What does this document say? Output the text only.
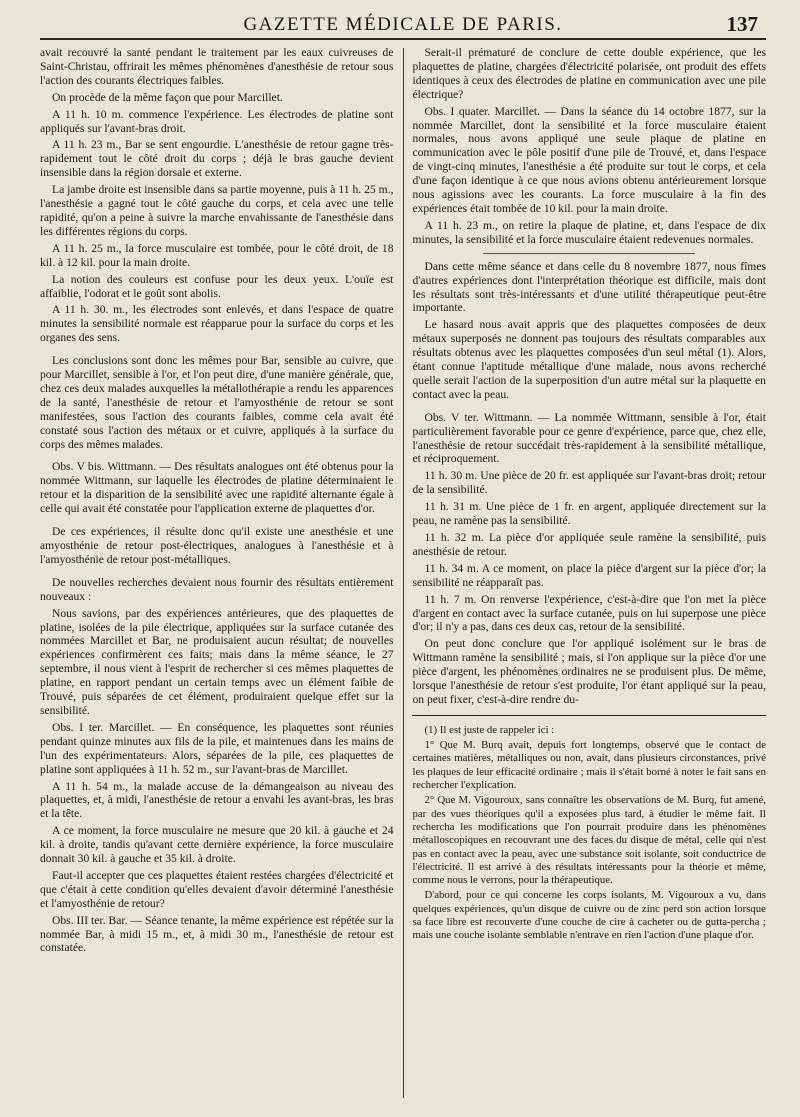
GAZETTE MÉDICALE DE PARIS.	137

avait recouvré la santé pendant le traitement par les eaux cuivreuses de Saint-Christau, offrirait les mêmes phénomènes d'anesthésie de retour sous l'action des courants électriques faibles.

On procède de la même façon que pour Marcillet.

A 11 h. 10 m. commence l'expérience. Les électrodes de platine sont appliqués sur l'avant-bras droit.

A 11 h. 23 m., Bar se sent engourdie. L'anesthésie de retour gagne très-rapidement tout le côté droit du corps ; déjà le bras gauche devient insensible dans la région dorsale et externe.

La jambe droite est insensible dans sa partie moyenne, puis à 11 h. 25 m., l'anesthésie a gagné tout le côté gauche du corps, et cela avec une telle rapidité, qu'on a peine à suivre la marche envahissante de l'anesthésie dans les différentes régions du corps.

A 11 h. 25 m., la force musculaire est tombée, pour le côté droit, de 18 kil. à 12 kil. pour la main droite.

La notion des couleurs est confuse pour les deux yeux. L'ouïe est affaiblie, l'odorat et le goût sont abolis.

A 11 h. 30. m., les électrodes sont enlevés, et dans l'espace de quatre minutes la sensibilité normale est réapparue pour la surface du corps et les organes des sens.

Les conclusions sont donc les mêmes pour Bar, sensible au cuivre, que pour Marcillet, sensible à l'or, et l'on peut dire, d'une manière générale, que, chez ces deux malades auxquelles la métallothérapie a rendu les apparences de la santé, l'anesthésie de retour et l'amyosthénie de retour se sont manifestées, sous l'action des courants faibles, comme cela avait été constaté sous l'action des métaux or et cuivre, appliqués à la surface du corps des mêmes malades.

Obs. V bis. Wittmann. — Des résultats analogues ont été obtenus pour la nommée Wittmann, sur laquelle les électrodes de platine déterminaient le retour et la disparition de la sensibilité avec une rapidité alternante égale à celle qui avait été constatée pour l'application externe de plaquettes d'or.

De ces expériences, il résulte donc qu'il existe une anesthésie et une amyosthénie de retour post-électriques, analogues à l'anesthésie et à l'amyosthénie de retour post-métalliques.

De nouvelles recherches devaient nous fournir des résultats entièrement nouveaux :

Nous savions, par des expériences antérieures, que des plaquettes de platine, isolées de la pile électrique, appliquées sur la surface cutanée des nommées Marcillet et Bar, ne produisaient aucun résultat; de nouvelles expériences confirmèrent ces faits; mais dans la même séance, le 27 septembre, il nous vient à l'esprit de rechercher si ces mêmes plaquettes de platine, en rapport pendant un certain temps avec un élément faible de Trouvé, puis séparées de cet élément, produiraient quelque effet sur la sensibilité.

Obs. I ter. Marcillet. — En conséquence, les plaquettes sont réunies pendant quinze minutes aux fils de la pile, et maintenues dans les mains de l'un des expérimentateurs. Alors, séparées de la pile, ces plaquettes de platine sont appliquées à 11 h. 52 m., sur l'avant-bras de Marcillet.

A 11 h. 54 m., la malade accuse de la démangeaison au niveau des plaquettes, et, à midi, l'anesthésie de retour a envahi les avant-bras, les bras et la tête.

A ce moment, la force musculaire ne mesure que 20 kil. à gauche et 24 kil. à droite, tandis qu'avant cette dernière expérience, la force musculaire donnait 30 kil. à gauche et 35 kil. à droite.

Faut-il accepter que ces plaquettes étaient restées chargées d'électricité et que c'était à cette condition qu'elles devaient d'avoir déterminé l'anesthésie et l'amyosthénie de retour?

Obs. III ter. Bar. — Séance tenante, la même expérience est répétée sur la nommée Bar, à midi 15 m., et, à midi 30 m., l'anesthésie de retour est constatée.

Serait-il prématuré de conclure de cette double expérience, que les plaquettes de platine, chargées d'électricité polarisée, ont produit des effets identiques à ceux des électrodes de platine en communication avec une pile électrique?

Obs. I quater. Marcillet. — Dans la séance du 14 octobre 1877, sur la nommée Marcillet, dont la sensibilité et la force musculaire étaient normales, nous avons appliqué une seule plaque de platine en communication avec le pôle positif d'une pile de Trouvé, et, dans l'espace de vingt-cinq minutes, l'anesthésie a été produite sur tout le corps, et cela d'une façon identique à ce que nous avions obtenu antérieurement lorsque nous agissions avec les courants. La force musculaire à la fin des expériences était tombée de 10 kil. pour la main droite.

A 11 h. 23 m., on retire la plaque de platine, et, dans l'espace de dix minutes, la sensibilité et la force musculaire étaient redevenues normales.

Dans cette même séance et dans celle du 8 novembre 1877, nous fîmes d'autres expériences dont l'interprétation théorique est difficile, mais dont les résultats sont très-intéressants et d'une utilité thérapeutique peut-être importante.

Le hasard nous avait appris que des plaquettes composées de deux métaux superposés ne donnent pas toujours des résultats comparables aux résultats obtenus avec les plaquettes composées d'un seul métal (1). Alors, étant connue l'aptitude métallique d'une malade, nous avons recherché quelle serait l'action de la superposition d'un autre métal sur la plaquette en contact avec la peau.

Obs. V ter. Wittmann. — La nommée Wittmann, sensible à l'or, était particulièrement favorable pour ce genre d'expérience, parce que, chez elle, l'anesthésie de retour succédait très-rapidement à la sensibilité métallique, et réciproquement.

11 h. 30 m. Une pièce de 20 fr. est appliquée sur l'avant-bras droit; retour de la sensibilité.

11 h. 31 m. Une pièce de 1 fr. en argent, appliquée directement sur la peau, ne ramène pas la sensibilité.

11 h. 32 m. La pièce d'or appliquée seule ramène la sensibilité, puis anesthésie de retour.

11 h. 34 m. A ce moment, on place la pièce d'argent sur la pièce d'or; la sensibilité ne réapparaît pas.

11 h. 7 m. On renverse l'expérience, c'est-à-dire que l'on met la pièce d'argent en contact avec la surface cutanée, puis on lui superpose une pièce d'or; il n'y a pas, dans ces deux cas, retour de la sensibilité.

On peut donc conclure que l'or appliqué isolément sur le bras de Wittmann ramène la sensibilité ; mais, si l'on applique sur la pièce d'or une pièce d'argent, les phénomènes ordinaires ne se produisent plus. De même, lorsque l'anesthésie de retour s'est produite, l'or étant appliqué sur la peau, on peut fixer, c'est-à-dire rendre du-

(1) Il est juste de rappeler ici :

1° Que M. Burq avait, depuis fort longtemps, observé que le contact de certaines matières, métalliques ou non, avait, dans plusieurs circonstances, privé les plaques de leur efficacité ordinaire ; mais il s'était borné à noter le fait sans en rechercher l'explication.

2° Que M. Vigouroux, sans connaître les observations de M. Burq, fut amené, par des vues théoriques qu'il a exposées plus tard, à étudier le même fait. Il recherchа les modifications que l'on pourrait produire dans les phénomènes métalloscopiques en recouvrant une des faces du disque de métal, celle qui n'est pas en contact avec la peau, avec une substance soit isolante, soit conductrice de l'électricité. Il est arrivé à des résultats intéressants pour la théorie et même, comme nous le verrons, pour la thérapeutique.

D'abord, pour ce qui concerne les corps isolants, M. Vigouroux a vu, dans quelques expériences, qu'un disque de cuivre ou de zinc perd son action lorsque sa face libre est recouverte d'une couche de cire à cacheter ou de gutta-percha ; mais une couche isolante semblable n'entrave en rien l'action d'une plaque d'or.
